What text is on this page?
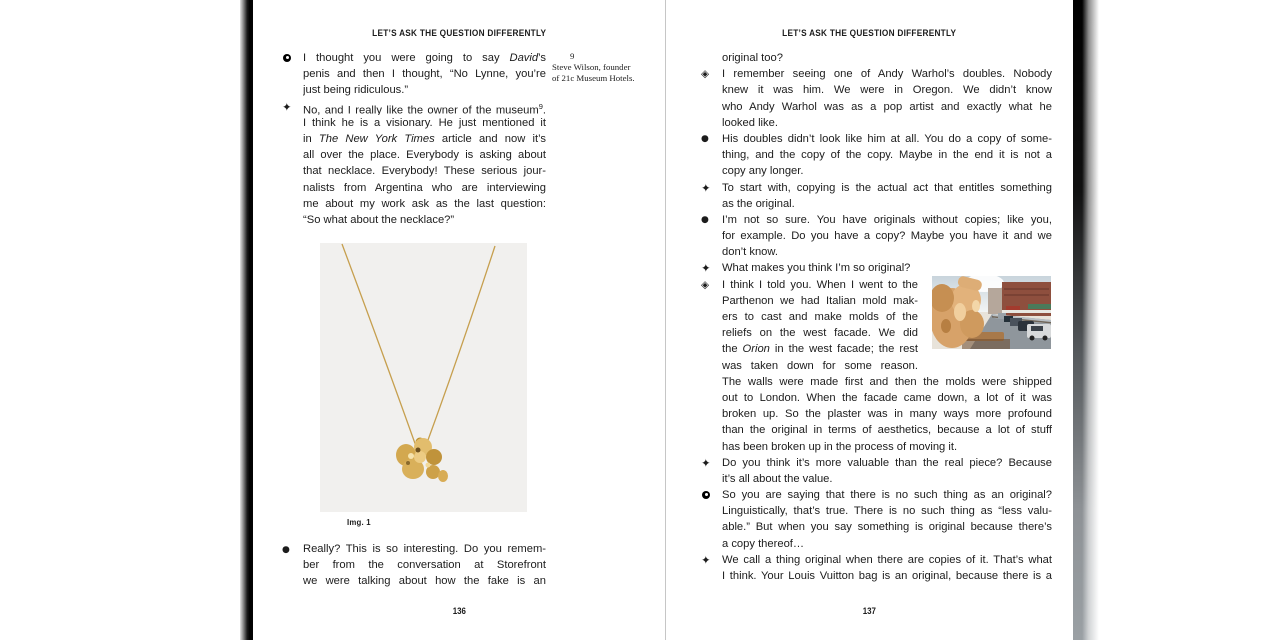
LET’S ASK THE QUESTION DIFFERENTLY
I thought you were going to say David’s
penis and then I thought, “No Lynne, you’re
just being ridiculous.”
✦ No, and I really like the owner of the museum$^9$.
I think he is a visionary. He just mentioned it
in The New York Times article and now it’s
all over the place. Everybody is asking about
that necklace. Everybody! These serious jour-
nalists from Argentina who are interviewing
me about my work ask as the last question:
“So what about the necklace?”
9
Steve Wilson, founder
of 21c Museum Hotels.
Img. 1
● Really? This is so interesting. Do you remem-
ber from the conversation at Storefront
we were talking about how the fake is an
136
LET’S ASK THE QUESTION DIFFERENTLY
original too?
◈ I remember seeing one of Andy Warhol’s doubles. Nobody
knew it was him. We were in Oregon. We didn’t know
who Andy Warhol was as a pop artist and exactly what he
looked like.
● His doubles didn’t look like him at all. You do a copy of some-
thing, and the copy of the copy. Maybe in the end it is not a
copy any longer.
✦ To start with, copying is the actual act that entitles something
as the original.
● I’m not so sure. You have originals without copies; like you,
for example. Do you have a copy? Maybe you have it and we
don’t know.
✦ What makes you think I’m so original?
◈ I think I told you. When I went to the
Parthenon we had Italian mold mak-
ers to cast and make molds of the
reliefs on the west facade. We did
the Orion in the west facade; the rest
was taken down for some reason.
The walls were made first and then the molds were shipped
out to London. When the facade came down, a lot of it was
broken up. So the plaster was in many ways more profound
than the original in terms of aesthetics, because a lot of stuff
has been broken up in the process of moving it.
✦ Do you think it’s more valuable than the real piece? Because
it’s all about the value.
So you are saying that there is no such thing as an original?
Linguistically, that’s true. There is no such thing as “less valu-
able.” But when you say something is original because there’s
a copy thereof…
✦ We call a thing original when there are copies of it. That’s what
I think. Your Louis Vuitton bag is an original, because there is a
137
